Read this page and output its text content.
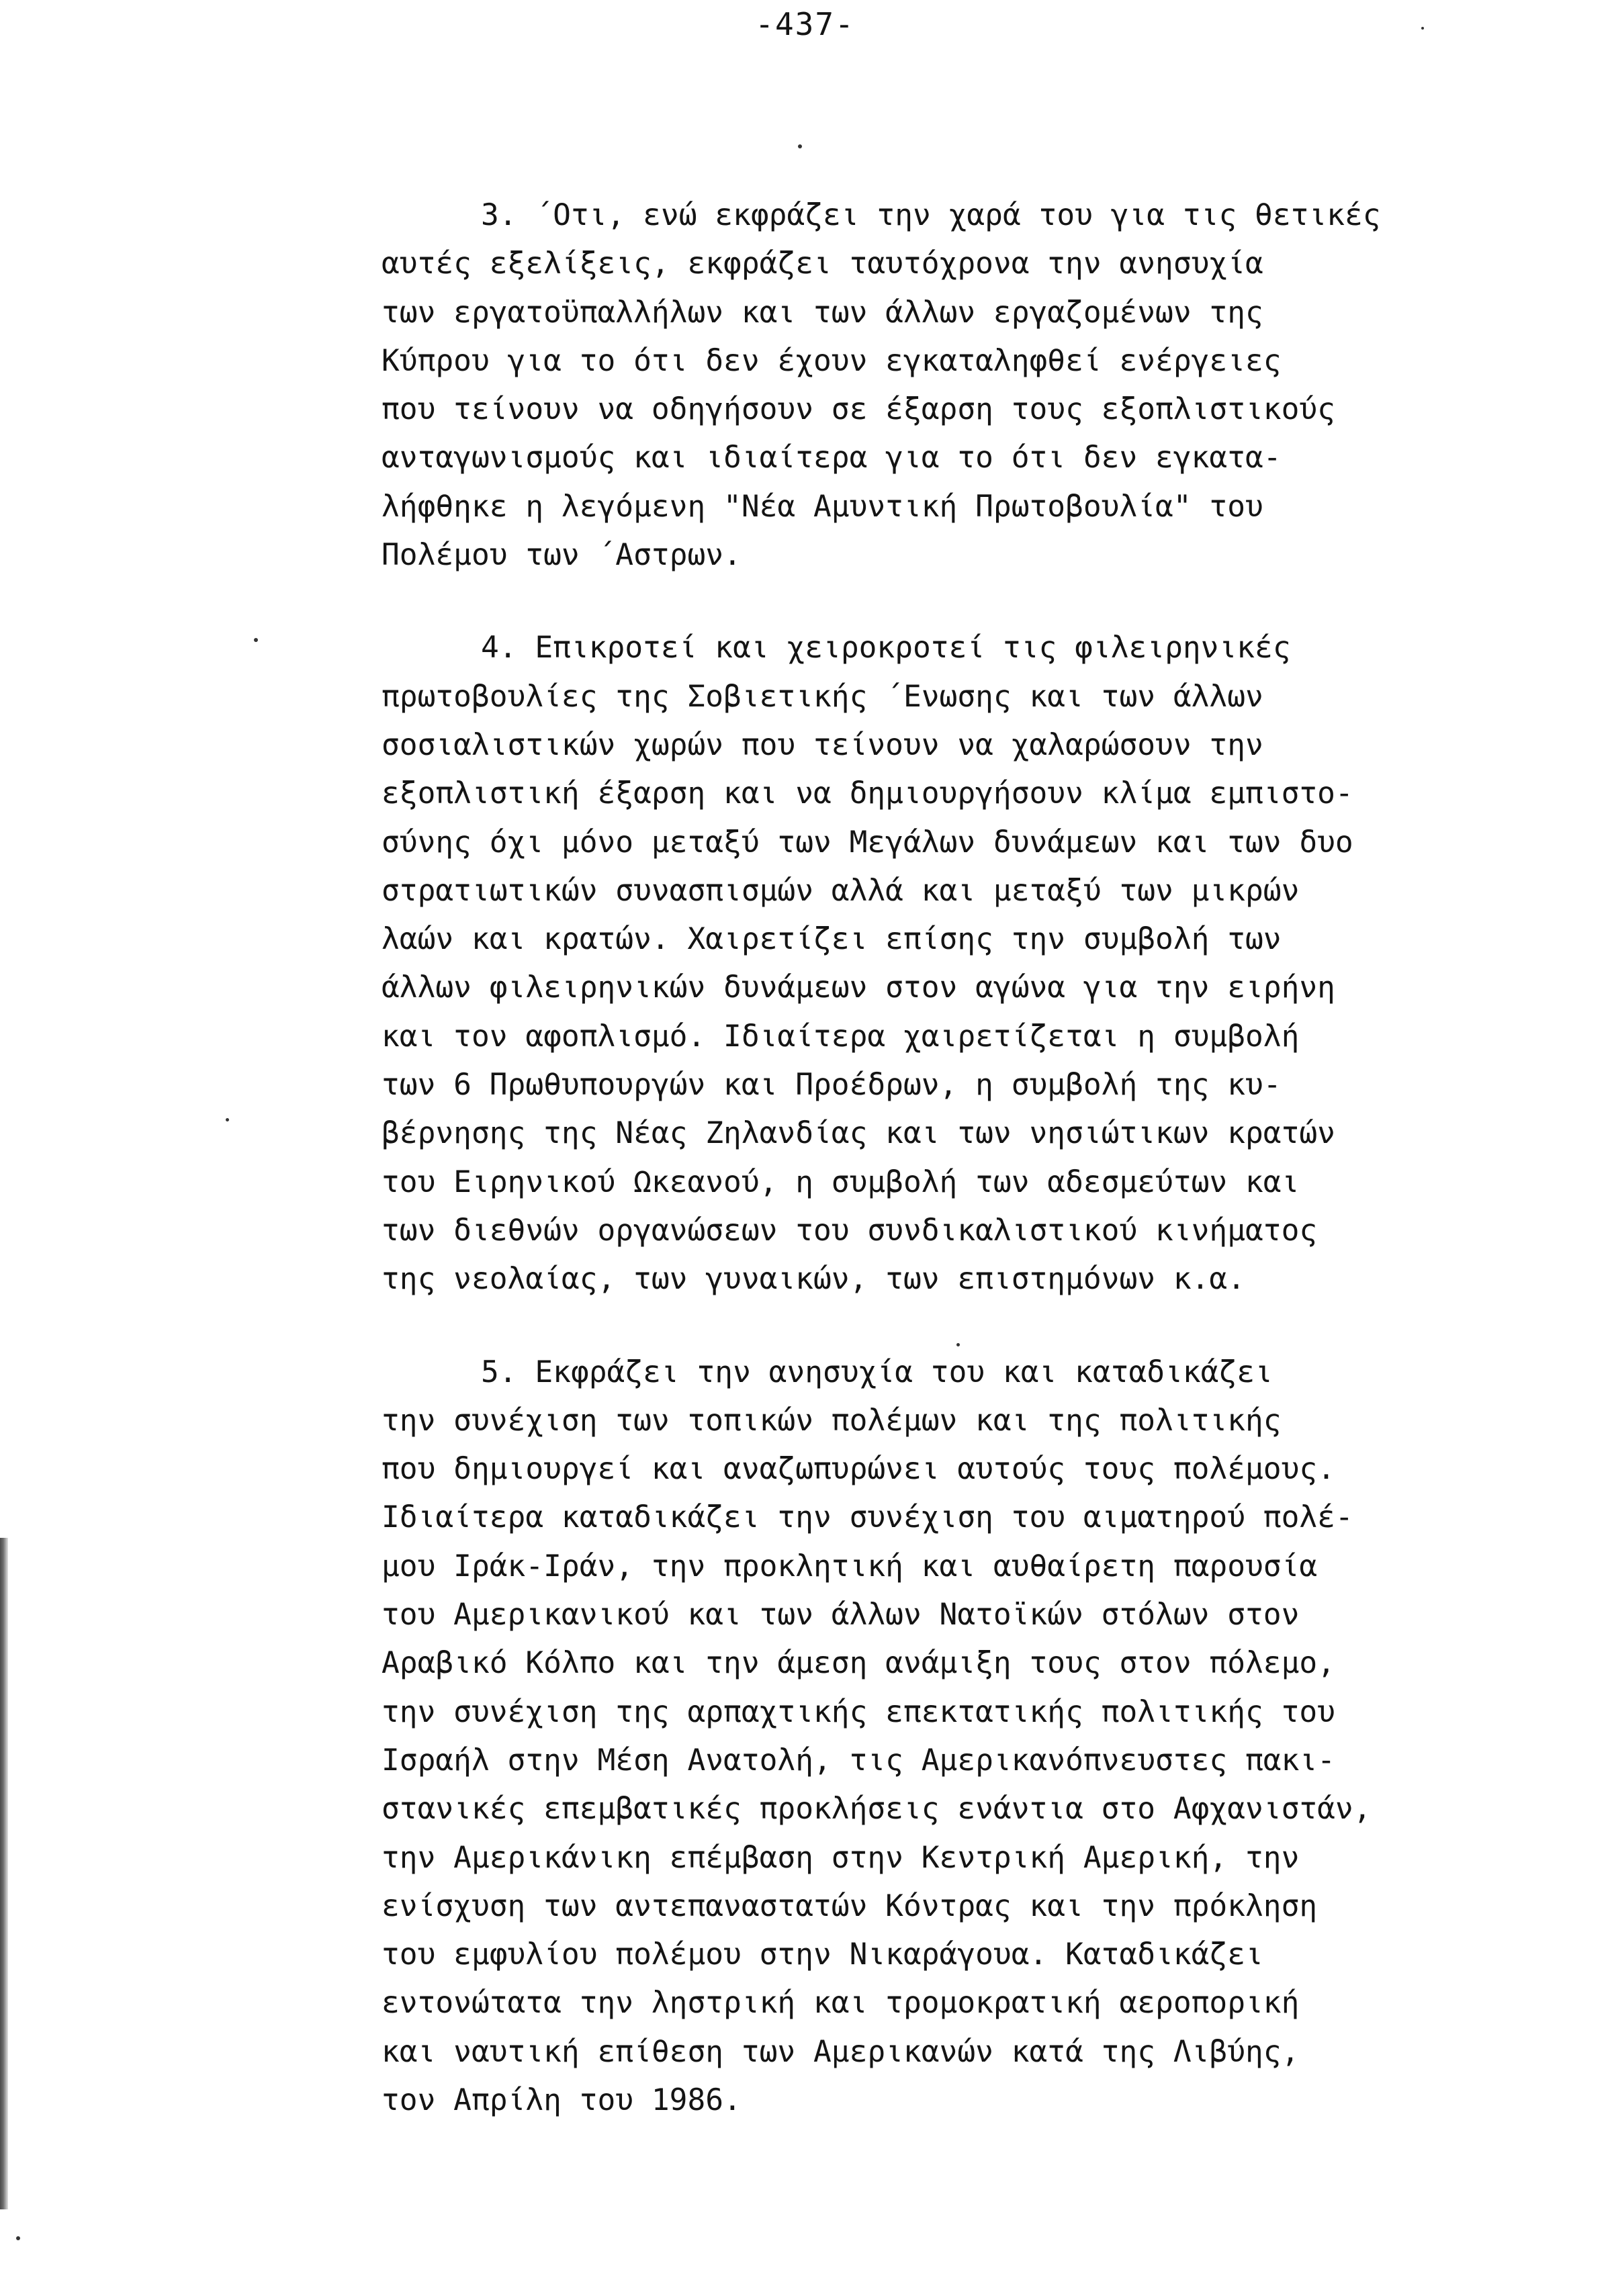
-437-
3. ΄Οτι, ενώ εκφράζει την χαρά του για τις θετικές
αυτές εξελίξεις, εκφράζει ταυτόχρονα την ανησυχία
των εργατοϋπαλλήλων και των άλλων εργαζομένων της
Κύπρου για το ότι δεν έχουν εγκαταληφθεί ενέργειες
που τείνουν να οδηγήσουν σε έξαρση τους εξοπλιστικούς
ανταγωνισμούς και ιδιαίτερα για το ότι δεν εγκατα-
λήφθηκε η λεγόμενη "Νέα Αμυντική Πρωτοβουλία" του
Πολέμου των ΄Αστρων.
4. Επικροτεί και χειροκροτεί τις φιλειρηνικές
πρωτοβουλίες της Σοβιετικής ΄Ενωσης και των άλλων
σοσιαλιστικών χωρών που τείνουν να χαλαρώσουν την
εξοπλιστική έξαρση και να δημιουργήσουν κλίμα εμπιστο-
σύνης όχι μόνο μεταξύ των Μεγάλων δυνάμεων και των δυο
στρατιωτικών συνασπισμών αλλά και μεταξύ των μικρών
λαών και κρατών. Χαιρετίζει επίσης την συμβολή των
άλλων φιλειρηνικών δυνάμεων στον αγώνα για την ειρήνη
και τον αφοπλισμό. Ιδιαίτερα χαιρετίζεται η συμβολή
των 6 Πρωθυπουργών και Προέδρων, η συμβολή της κυ-
βέρνησης της Νέας Ζηλανδίας και των νησιώτικων κρατών
του Ειρηνικού Ωκεανού, η συμβολή των αδεσμεύτων και
των διεθνών οργανώσεων του συνδικαλιστικού κινήματος
της νεολαίας, των γυναικών, των επιστημόνων κ.α.
5. Εκφράζει την ανησυχία του και καταδικάζει
την συνέχιση των τοπικών πολέμων και της πολιτικής
που δημιουργεί και αναζωπυρώνει αυτούς τους πολέμους.
Ιδιαίτερα καταδικάζει την συνέχιση του αιματηρού πολέ-
μου Ιράκ-Ιράν, την προκλητική και αυθαίρετη παρουσία
του Αμερικανικού και των άλλων Νατοϊκών στόλων στον
Αραβικό Κόλπο και την άμεση ανάμιξη τους στον πόλεμο,
την συνέχιση της αρπαχτικής επεκτατικής πολιτικής του
Ισραήλ στην Μέση Ανατολή, τις Αμερικανόπνευστες πακι-
στανικές επεμβατικές προκλήσεις ενάντια στο Αφχανιστάν,
την Αμερικάνικη επέμβαση στην Κεντρική Αμερική, την
ενίσχυση των αντεπαναστατών Κόντρας και την πρόκληση
του εμφυλίου πολέμου στην Νικαράγουα. Καταδικάζει
εντονώτατα την ληστρική και τρομοκρατική αεροπορική
και ναυτική επίθεση των Αμερικανών κατά της Λιβύης,
τον Απρίλη του 1986.
